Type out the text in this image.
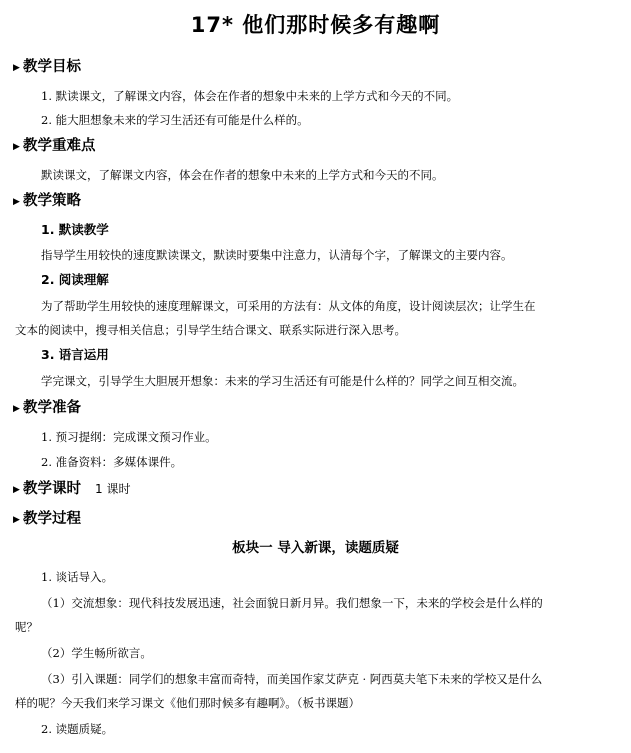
17* 他们那时候多有趣啊
▶ 教学目标
1. 默读课文，了解课文内容，体会在作者的想象中未来的上学方式和今天的不同。
2. 能大胆想象未来的学习生活还有可能是什么样的。
▶ 教学重难点
默读课文，了解课文内容，体会在作者的想象中未来的上学方式和今天的不同。
▶ 教学策略
1. 默读教学
指导学生用较快的速度默读课文，默读时要集中注意力，认清每个字，了解课文的主要内容。
2. 阅读理解
为了帮助学生用较快的速度理解课文，可采用的方法有：从文体的角度，设计阅读层次；让学生在
文本的阅读中，搜寻相关信息；引导学生结合课文、联系实际进行深入思考。
3. 语言运用
学完课文，引导学生大胆展开想象：未来的学习生活还有可能是什么样的？同学之间互相交流。
▶ 教学准备
1. 预习提纲：完成课文预习作业。
2. 准备资料：多媒体课件。
▶ 教学课时 1 课时
▶ 教学过程
板块一 导入新课，读题质疑
1. 谈话导入。
（1）交流想象：现代科技发展迅速，社会面貌日新月异。我们想象一下，未来的学校会是什么样的
呢？
（2）学生畅所欲言。
（3）引入课题：同学们的想象丰富而奇特，而美国作家艾萨克 · 阿西莫夫笔下未来的学校又是什么
样的呢？今天我们来学习课文《他们那时候多有趣啊》。（板书课题）
2. 读题质疑。
